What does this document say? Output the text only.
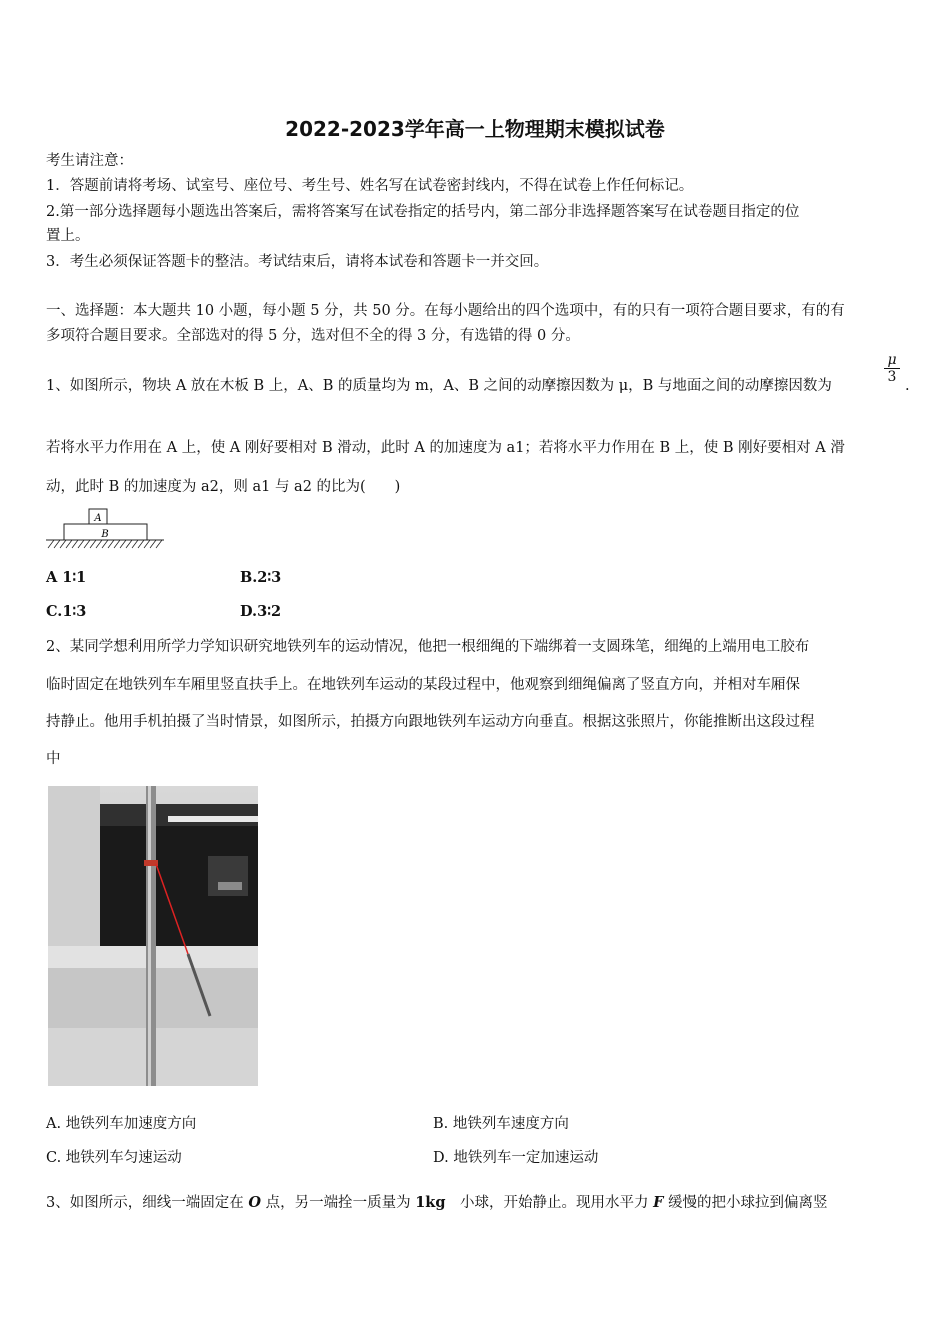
2022-2023学年高一上物理期末模拟试卷
考生请注意：
1．答题前请将考场、试室号、座位号、考生号、姓名写在试卷密封线内，不得在试卷上作任何标记。
2.第一部分选择题每小题选出答案后，需将答案写在试卷指定的括号内，第二部分非选择题答案写在试卷题目指定的位
置上。
3．考生必须保证答题卡的整洁。考试结束后，请将本试卷和答题卡一并交回。
一、选择题：本大题共 10 小题，每小题 5 分，共 50 分。在每小题给出的四个选项中，有的只有一项符合题目要求，有的有
多项符合题目要求。全部选对的得 5 分，选对但不全的得 3 分，有选错的得 0 分。
1、如图所示，物块 A 放在木板 B 上，A、B 的质量均为 m，A、B 之间的动摩擦因数为 μ，B 与地面之间的动摩擦因数为
$\frac{\mu}{3}$
.
若将水平力作用在 A 上，使 A 刚好要相对 B 滑动，此时 A 的加速度为 a1；若将水平力作用在 B 上，使 B 刚好要相对 A 滑
动，此时 B 的加速度为 a2，则 a1 与 a2 的比为(　　)
A
B
A 1∶1	B.2∶3
C.1∶3	D.3∶2
2、某同学想利用所学力学知识研究地铁列车的运动情况，他把一根细绳的下端绑着一支圆珠笔，细绳的上端用电工胶布
临时固定在地铁列车车厢里竖直扶手上。在地铁列车运动的某段过程中，他观察到细绳偏离了竖直方向，并相对车厢保
持静止。他用手机拍摄了当时情景，如图所示，拍摄方向跟地铁列车运动方向垂直。根据这张照片，你能推断出这段过程
中
A. 地铁列车加速度方向	B. 地铁列车速度方向
C. 地铁列车匀速运动	D. 地铁列车一定加速运动
3、如图所示，细线一端固定在 O 点，另一端拴一质量为 1kg　小球，开始静止。现用水平力 F 缓慢的把小球拉到偏离竖
